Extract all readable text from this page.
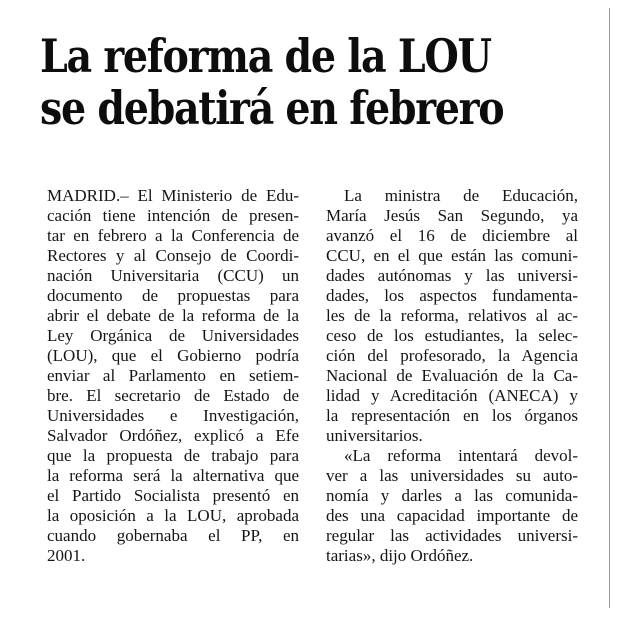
La reforma de la LOU
se debatirá en febrero
MADRID.– El Ministerio de Edu-
cación tiene intención de presen-
tar en febrero a la Conferencia de
Rectores y al Consejo de Coordi-
nación Universitaria (CCU) un
documento de propuestas para
abrir el debate de la reforma de la
Ley Orgánica de Universidades
(LOU), que el Gobierno podría
enviar al Parlamento en setiem-
bre. El secretario de Estado de
Universidades e Investigación,
Salvador Ordóñez, explicó a Efe
que la propuesta de trabajo para
la reforma será la alternativa que
el Partido Socialista presentó en
la oposición a la LOU, aprobada
cuando gobernaba el PP, en
2001.
La ministra de Educación,
María Jesús San Segundo, ya
avanzó el 16 de diciembre al
CCU, en el que están las comuni-
dades autónomas y las universi-
dades, los aspectos fundamenta-
les de la reforma, relativos al ac-
ceso de los estudiantes, la selec-
ción del profesorado, la Agencia
Nacional de Evaluación de la Ca-
lidad y Acreditación (ANECA) y
la representación en los órganos
universitarios.
«La reforma intentará devol-
ver a las universidades su auto-
nomía y darles a las comunida-
des una capacidad importante de
regular las actividades universi-
tarias», dijo Ordóñez.
